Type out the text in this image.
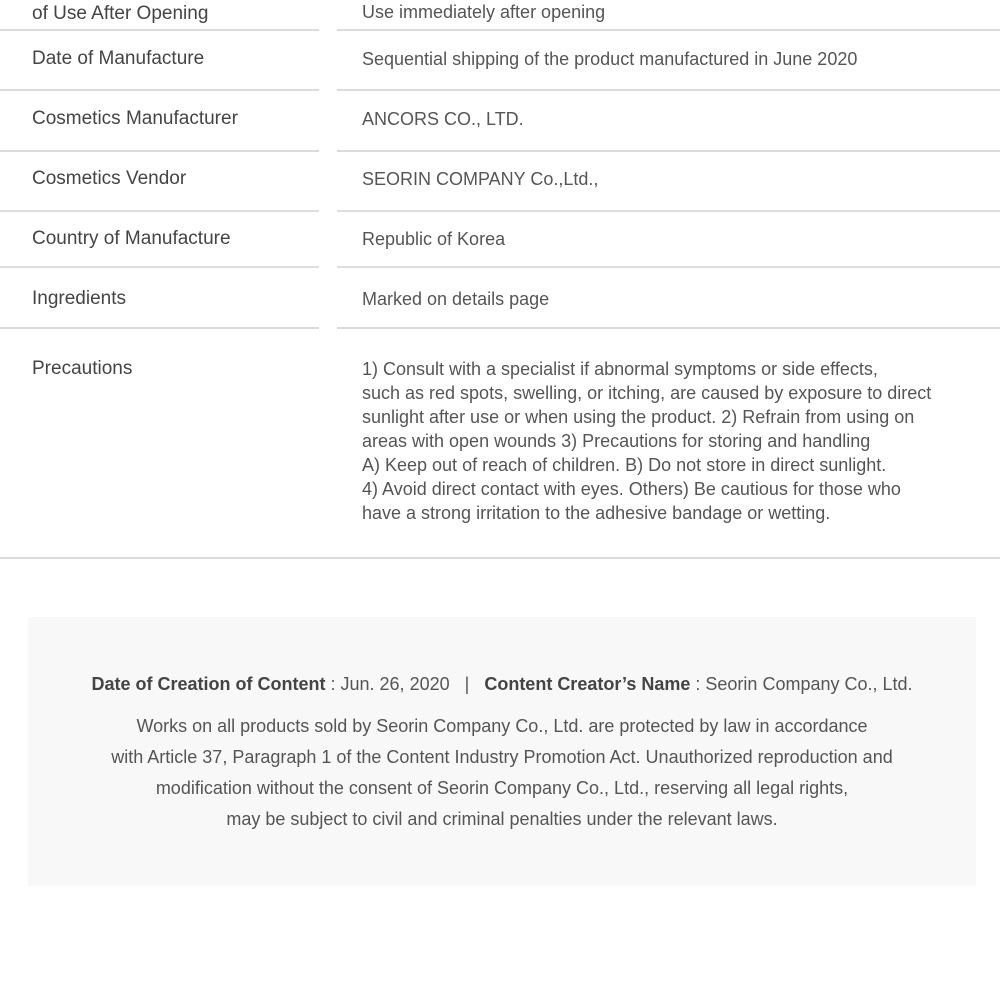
of Use After Opening	Use immediately after opening
Date of Manufacture	Sequential shipping of the product manufactured in June 2020
Cosmetics Manufacturer	ANCORS CO., LTD.
Cosmetics Vendor	SEORIN COMPANY Co.,Ltd.,
Country of Manufacture	Republic of Korea
Ingredients	Marked on details page
Precautions	1) Consult with a specialist if abnormal symptoms or side effects,
such as red spots, swelling, or itching, are caused by exposure to direct
sunlight after use or when using the product. 2) Refrain from using on
areas with open wounds 3) Precautions for storing and handling
A) Keep out of reach of children. B) Do not store in direct sunlight.
4) Avoid direct contact with eyes. Others) Be cautious for those who
have a strong irritation to the adhesive bandage or wetting.
Date of Creation of Content : Jun. 26, 2020 | Content Creator’s Name : Seorin Company Co., Ltd.
Works on all products sold by Seorin Company Co., Ltd. are protected by law in accordance
with Article 37, Paragraph 1 of the Content Industry Promotion Act. Unauthorized reproduction and
modification without the consent of Seorin Company Co., Ltd., reserving all legal rights,
may be subject to civil and criminal penalties under the relevant laws.
